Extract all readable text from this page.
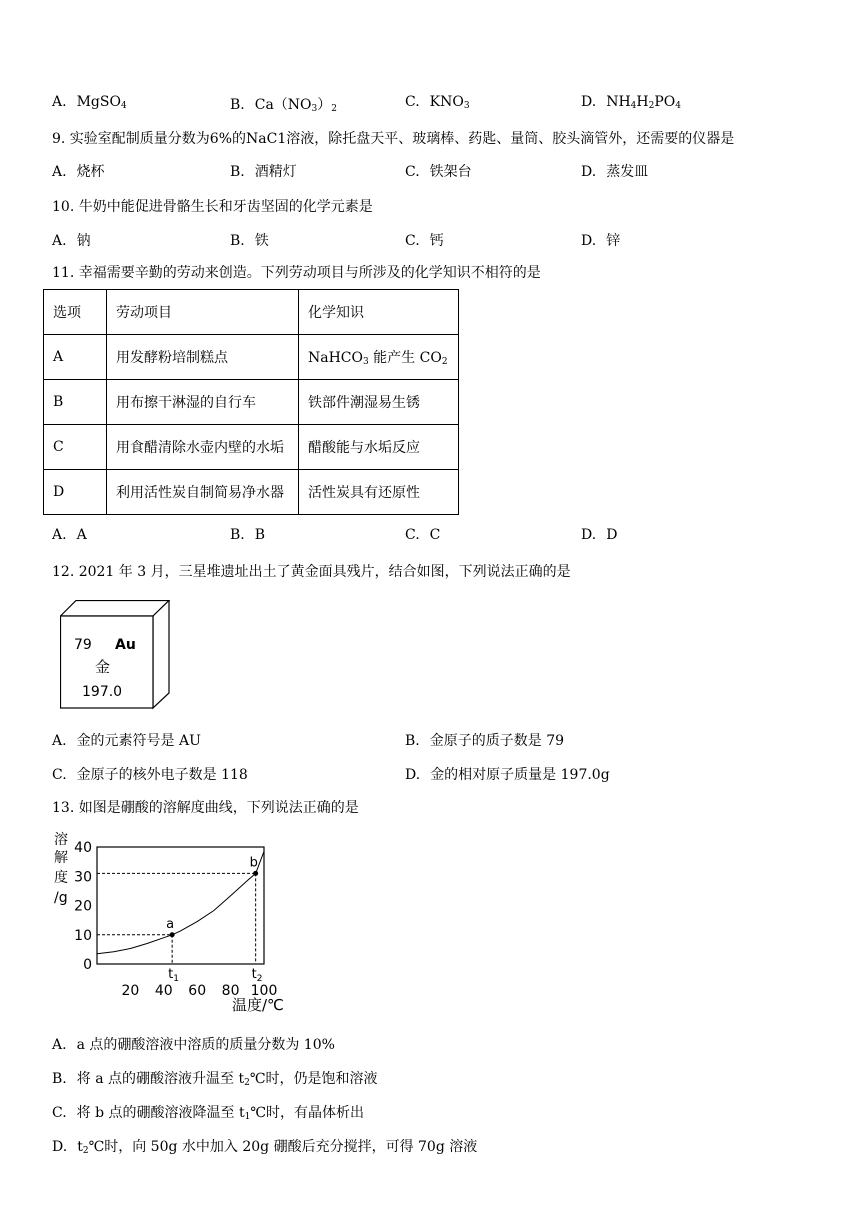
A. MgSO$_4$	B. $Ca(NO_3)_2$	C. $KNO_3$	D. $NH_4H_2PO_4$
9. 实验室配制质量分数为6%的NaC1溶液，除托盘天平、玻璃棒、药匙、量筒、胶头滴管外，还需要的仪器是
A. 烧杯	B. 酒精灯	C. 铁架台	D. 蒸发皿
10. 牛奶中能促进骨骼生长和牙齿坚固的化学元素是
A. 钠	B. 铁	C. 钙	D. 锌
11. 幸福需要辛勤的劳动来创造。下列劳动项目与所涉及的化学知识不相符的是
选项	劳动项目	化学知识
A	用发酵粉培制糕点	NaHCO$_3$ 能产生 $CO_2$
B	用布擦干淋湿的自行车	铁部件潮湿易生锈
C	用食醋清除水壶内壁的水垢	醋酸能与水垢反应
D	利用活性炭自制简易净水器	活性炭具有还原性
A. A	B. B	C. C	D. D
12. 2021 年 3 月，三星堆遗址出土了黄金面具残片，结合如图，下列说法正确的是
79 Au
金
197.0
A. 金的元素符号是 AU	B. 金原子的质子数是 79
C. 金原子的核外电子数是 118	D. 金的相对原子质量是 197.0g
13. 如图是硼酸的溶解度曲线，下列说法正确的是
0
10
20
30
40
20 40 60 80 100
溶
解
度
/g
温度/℃
a
$t_1$
b
$t_2$
A. a 点的硼酸溶液中溶质的质量分数为 10%
B. 将 a 点的硼酸溶液升温至 $t_2℃$时，仍是饱和溶液
C. 将 b 点的硼酸溶液降温至 $t_1℃$时，有晶体析出
D. $t_2℃$时，向 50g 水中加入 20g 硼酸后充分搅拌，可得 70g 溶液
